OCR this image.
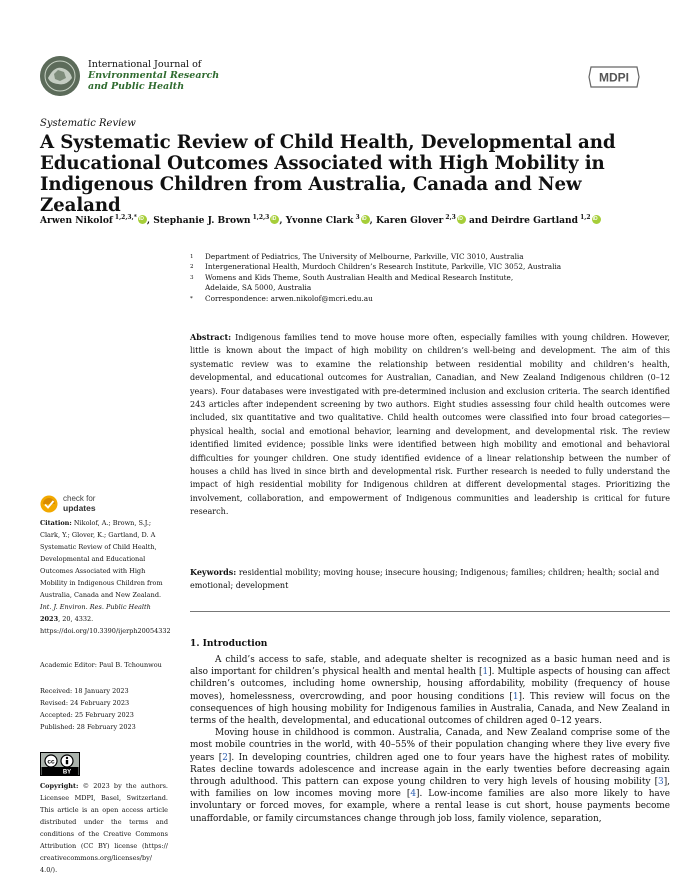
International Journal of
Environmental Research
and Public Health
MDPI
Systematic Review
A Systematic Review of Child Health, Developmental and Educational Outcomes Associated with High Mobility in Indigenous Children from Australia, Canada and New Zealand
Arwen Nikolof $^{1,2,3,*}$ iD , Stephanie J. Brown $^{1,2,3}$ iD , Yvonne Clark $^3$ iD , Karen Glover $^{2,3}$iD and Deirdre Gartland $^{1,2}$iD
1	Department of Pediatrics, The University of Melbourne, Parkville, VIC 3010, Australia
2	Intergenerational Health, Murdoch Children’s Research Institute, Parkville, VIC 3052, Australia
3	Womens and Kids Theme, South Australian Health and Medical Research Institute,
Adelaide, SA 5000, Australia
*	Correspondence: arwen.nikolof@mcri.edu.au
Abstract: Indigenous families tend to move house more often, especially families with young children. However, little is known about the impact of high mobility on children’s well-being and development. The aim of this systematic review was to examine the relationship between residential mobility and children’s health, developmental, and educational outcomes for Australian, Canadian, and New Zealand Indigenous children (0–12 years). Four databases were investigated with pre-determined inclusion and exclusion criteria. The search identified 243 articles after independent screening by two authors. Eight studies assessing four child health outcomes were included, six quantitative and two qualitative. Child health outcomes were classified into four broad categories—physical health, social and emotional behavior, learning and development, and developmental risk. The review identified limited evidence; possible links were identified between high mobility and emotional and behavioral difficulties for younger children. One study identified evidence of a linear relationship between the number of houses a child has lived in since birth and developmental risk. Further research is needed to fully understand the impact of high residential mobility for Indigenous children at different developmental stages. Prioritizing the involvement, collaboration, and empowerment of Indigenous communities and leadership is critical for future research.
Keywords: residential mobility; moving house; insecure housing; Indigenous; families; children; health; social and emotional; development
1. Introduction

A child’s access to safe, stable, and adequate shelter is recognized as a basic human need and is also important for children’s physical health and mental health [1]. Multiple aspects of housing can affect children’s outcomes, including home ownership, housing affordability, mobility (frequency of house moves), homelessness, overcrowding, and poor housing conditions [1]. This review will focus on the consequences of high housing mobility for Indigenous families in Australia, Canada, and New Zealand in terms of the health, developmental, and educational outcomes of children aged 0–12 years.

Moving house in childhood is common. Australia, Canada, and New Zealand comprise some of the most mobile countries in the world, with 40–55% of their population changing where they live every five years [2]. In developing countries, children aged one to four years have the highest rates of mobility. Rates decline towards adolescence and increase again in the early twenties before decreasing again through adulthood. This pattern can expose young children to very high levels of housing mobility [3], with families on low incomes moving more [4]. Low-income families are also more likely to have involuntary or forced moves, for example, where a rental lease is cut short, house payments become unaffordable, or family circumstances change through job loss, family violence, separation,

check for
updates
Citation: Nikolof, A.; Brown, S.J.; Clark, Y.; Glover, K.; Gartland, D. A Systematic Review of Child Health, Developmental and Educational Outcomes Associated with High Mobility in Indigenous Children from Australia, Canada and New Zealand. Int. J. Environ. Res. Public Health 2023, 20, 4332. https://doi.org/10.3390/ijerph20054332
Academic Editor: Paul B. Tchounwou
Received: 18 January 2023
Revised: 24 February 2023
Accepted: 25 February 2023
Published: 28 February 2023
cc
BY
Copyright: © 2023 by the authors. Licensee MDPI, Basel, Switzerland. This article is an open access article distributed under the terms and conditions of the Creative Commons Attribution (CC BY) license (https:// creativecommons.org/licenses/by/ 4.0/).
